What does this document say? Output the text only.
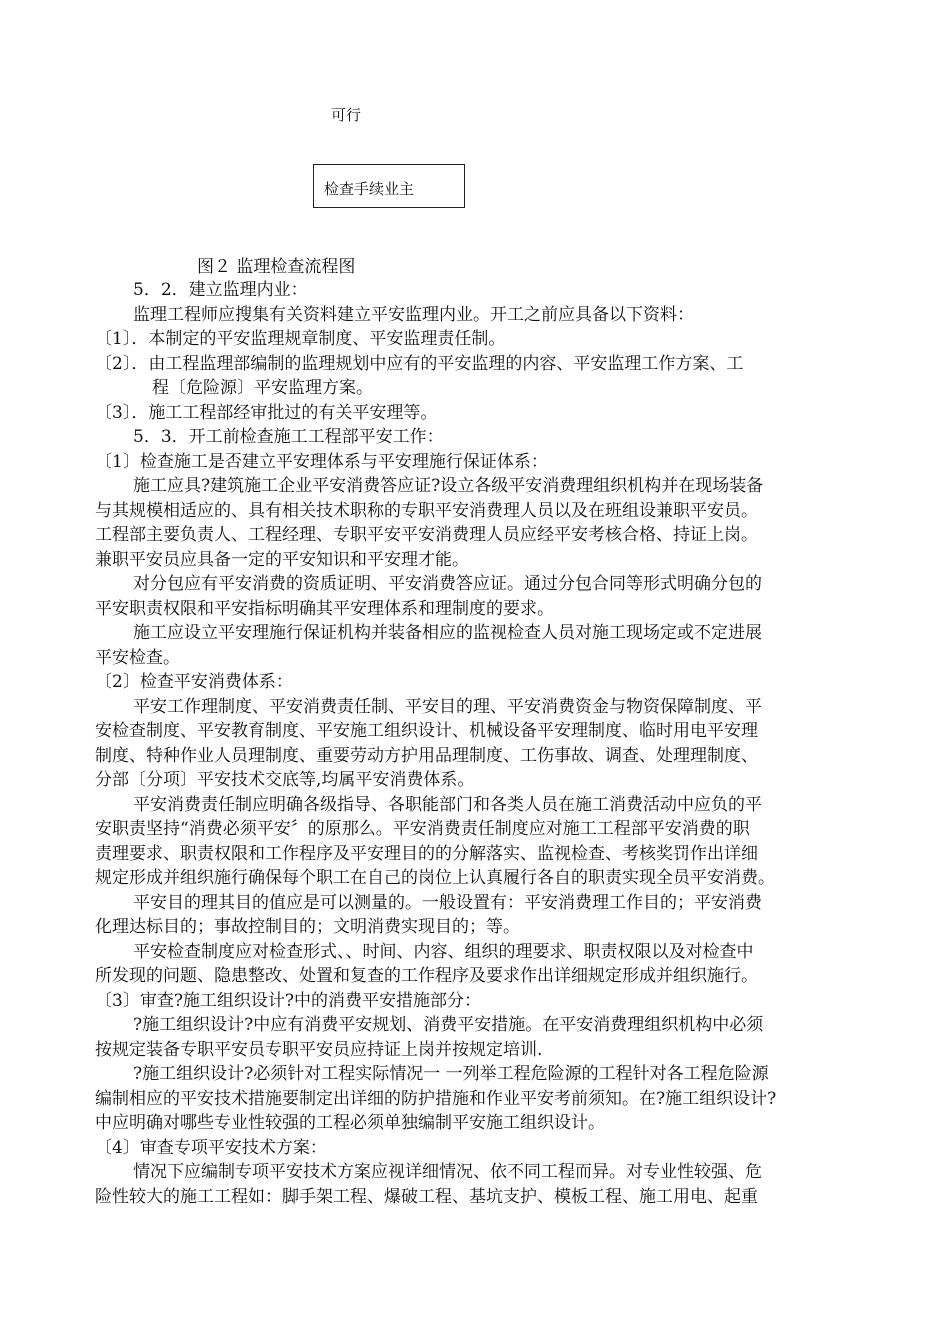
可行
检查手续业主
图２ 监理检查流程图
5．2．建立监理内业：
监理工程师应搜集有关资料建立平安监理内业。开工之前应具备以下资料：
〔1〕．本制定的平安监理规章制度、平安监理责任制。
〔2〕．由工程监理部编制的监理规划中应有的平安监理的内容、平安监理工作方案、工
程〔危险源〕平安监理方案。
〔3〕．施工工程部经审批过的有关平安理等。
5．3．开工前检查施工工程部平安工作：
〔1〕检查施工是否建立平安理体系与平安理施行保证体系：
施工应具?建筑施工企业平安消费答应证?设立各级平安消费理组织机构并在现场装备
与其规模相适应的、具有相关技术职称的专职平安消费理人员以及在班组设兼职平安员。
工程部主要负责人、工程经理、专职平安平安消费理人员应经平安考核合格、持证上岗。
兼职平安员应具备一定的平安知识和平安理才能。
对分包应有平安消费的资质证明、平安消费答应证。通过分包合同等形式明确分包的
平安职责权限和平安指标明确其平安理体系和理制度的要求。
施工应设立平安理施行保证机构并装备相应的监视检查人员对施工现场定或不定进展
平安检查。
〔2〕检查平安消费体系：
平安工作理制度、平安消费责任制、平安目的理、平安消费资金与物资保障制度、平
安检查制度、平安教育制度、平安施工组织设计、机械设备平安理制度、临时用电平安理
制度、特种作业人员理制度、重要劳动方护用品理制度、工伤事故、调查、处理理制度、
分部〔分项〕平安技术交底等,均属平安消费体系。
平安消费责任制应明确各级指导、各职能部门和各类人员在施工消费活动中应负的平
安职责坚持“消费必须平安〞的原那么。平安消费责任制度应对施工工程部平安消费的职
责理要求、职责权限和工作程序及平安理目的的分解落实、监视检查、考核奖罚作出详细
规定形成并组织施行确保每个职工在自己的岗位上认真履行各自的职责实现全员平安消费。
平安目的理其目的值应是可以测量的。一般设置有：平安消费理工作目的；平安消费
化理达标目的；事故控制目的；文明消费实现目的；等。
平安检查制度应对检查形式、、时间、内容、组织的理要求、职责权限以及对检查中
所发现的问题、隐患整改、处置和复查的工作程序及要求作出详细规定形成并组织施行。
〔3〕审查?施工组织设计?中的消费平安措施部分：
?施工组织设计?中应有消费平安规划、消费平安措施。在平安消费理组织机构中必须
按规定装备专职平安员专职平安员应持证上岗并按规定培训.
?施工组织设计?必须针对工程实际情况一 一列举工程危险源的工程针对各工程危险源
编制相应的平安技术措施要制定出详细的防护措施和作业平安考前须知。在?施工组织设计?
中应明确对哪些专业性较强的工程必须单独编制平安施工组织设计。
〔4〕审查专项平安技术方案：
情况下应编制专项平安技术方案应视详细情况、依不同工程而异。对专业性较强、危
险性较大的施工工程如：脚手架工程、爆破工程、基坑支护、模板工程、施工用电、起重
